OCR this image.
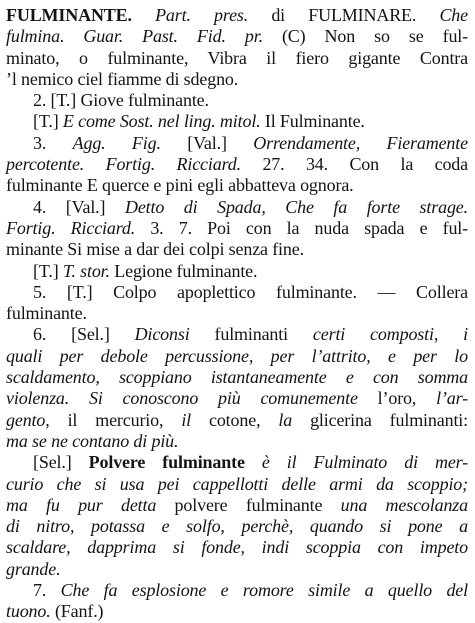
FULMINANTE. Part. pres. di FULMINARE. Che
fulmina. Guar. Past. Fid. pr. (C) Non so se ful-
minato, o fulminante, Vibra il fiero gigante Contra
’l nemico ciel fiamme di sdegno.
2. [T.] Giove fulminante.
[T.] E come Sost. nel ling. mitol. Il Fulminante.
3. Agg. Fig. [Val.] Orrendamente, Fieramente
percotente. Fortig. Ricciard. 27. 34. Con la coda
fulminante E querce e pini egli abbatteva ognora.
4. [Val.] Detto di Spada, Che fa forte strage.
Fortig. Ricciard. 3. 7. Poi con la nuda spada e ful-
minante Si mise a dar dei colpi senza fine.
[T.] T. stor. Legione fulminante.
5. [T.] Colpo apoplettico fulminante. — Collera
fulminante.
6. [Sel.] Diconsi fulminanti certi composti, i
quali per debole percussione, per l’attrito, e per lo
scaldamento, scoppiano istantaneamente e con somma
violenza. Si conoscono più comunemente l’oro, l’ar-
gento, il mercurio, il cotone, la glicerina fulminanti:
ma se ne contano di più.
[Sel.] Polvere fulminante è il Fulminato di mer-
curio che si usa pei cappellotti delle armi da scoppio;
ma fu pur detta polvere fulminante una mescolanza
di nitro, potassa e solfo, perchè, quando si pone a
scaldare, dapprima si fonde, indi scoppia con impeto
grande.
7. Che fa esplosione e romore simile a quello del
tuono. (Fanf.)
